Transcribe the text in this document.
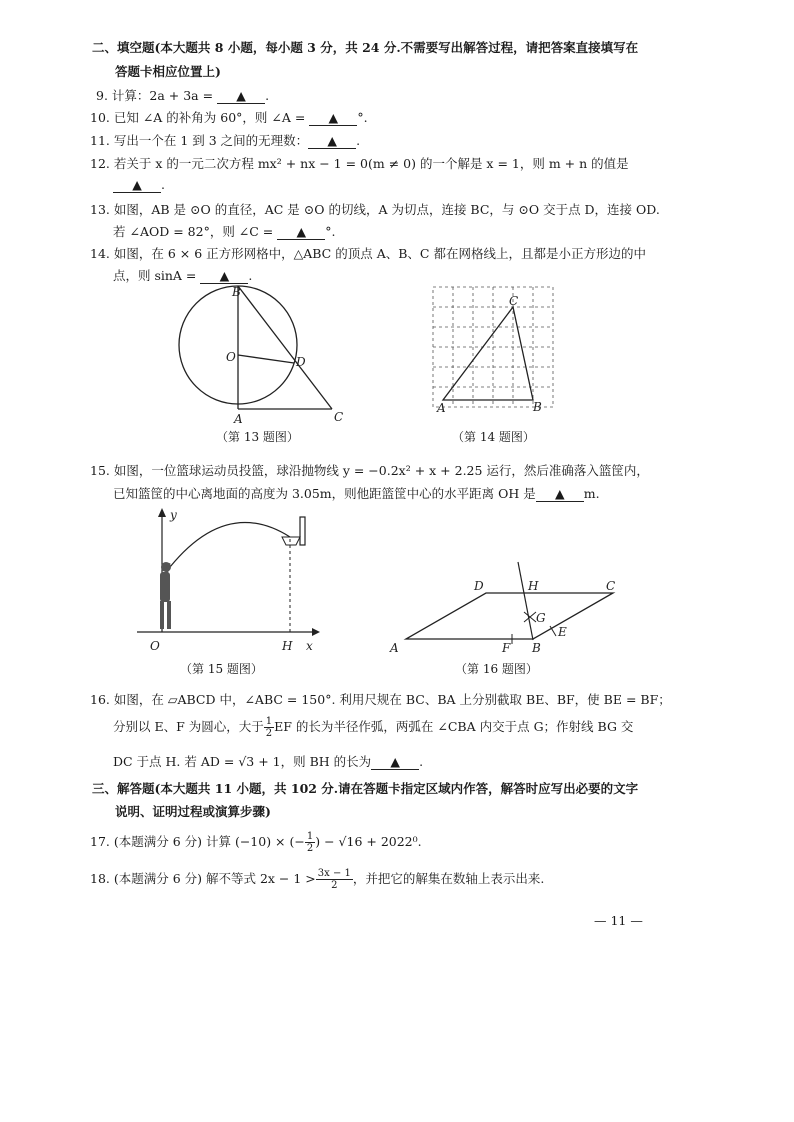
二、填空题(本大题共 8 小题，每小题 3 分，共 24 分.不需要写出解答过程，请把答案直接填写在
答题卡相应位置上)
9. 计算：2a + 3a = ▲ .
10. 已知 ∠A 的补角为 60°，则 ∠A = ▲ °.
11. 写出一个在 1 到 3 之间的无理数： ▲ .
12. 若关于 x 的一元二次方程 mx² + nx − 1 = 0(m ≠ 0) 的一个解是 x = 1，则 m + n 的值是
▲ .
13. 如图，AB 是 ⊙O 的直径，AC 是 ⊙O 的切线，A 为切点，连接 BC，与 ⊙O 交于点 D，连接 OD.
若 ∠AOD = 82°，则 ∠C = ▲ °.
14. 如图，在 6 × 6 正方形网格中，△ABC 的顶点 A、B、C 都在网格线上，且都是小正方形边的中
点，则 sinA = ▲ .
B
O	D
A	C
（第 13 题图）
A	B
C
（第 14 题图）
15. 如图，一位篮球运动员投篮，球沿抛物线 y = −0.2x² + x + 2.25 运行，然后准确落入篮筐内，
已知篮筐的中心离地面的高度为 3.05m，则他距篮筐中心的水平距离 OH 是 ▲ m.
y
O	H x
（第 15 题图）
A	B
C
D
E
F
G
H
（第 16 题图）
16. 如图，在 ▱ABCD 中，∠ABC = 150°. 利用尺规在 BC、BA 上分别截取 BE、BF，使 BE = BF；
分别以 E、F 为圆心，大于 $\frac{1}{2}$ EF 的长为半径作弧，两弧在 ∠CBA 内交于点 G；作射线 BG 交
DC 于点 H. 若 AD = √3 + 1，则 BH 的长为 ▲ .
三、解答题(本大题共 11 小题，共 102 分.请在答题卡指定区域内作答，解答时应写出必要的文字
说明、证明过程或演算步骤)
17. (本题满分 6 分) 计算 (−10) × (− $\frac{1}{2}$ ) − √16 + 2022⁰.
18. (本题满分 6 分) 解不等式 $2x - 1 > \frac{3x - 1}{2}$ ，并把它的解集在数轴上表示出来.
— 11 —
